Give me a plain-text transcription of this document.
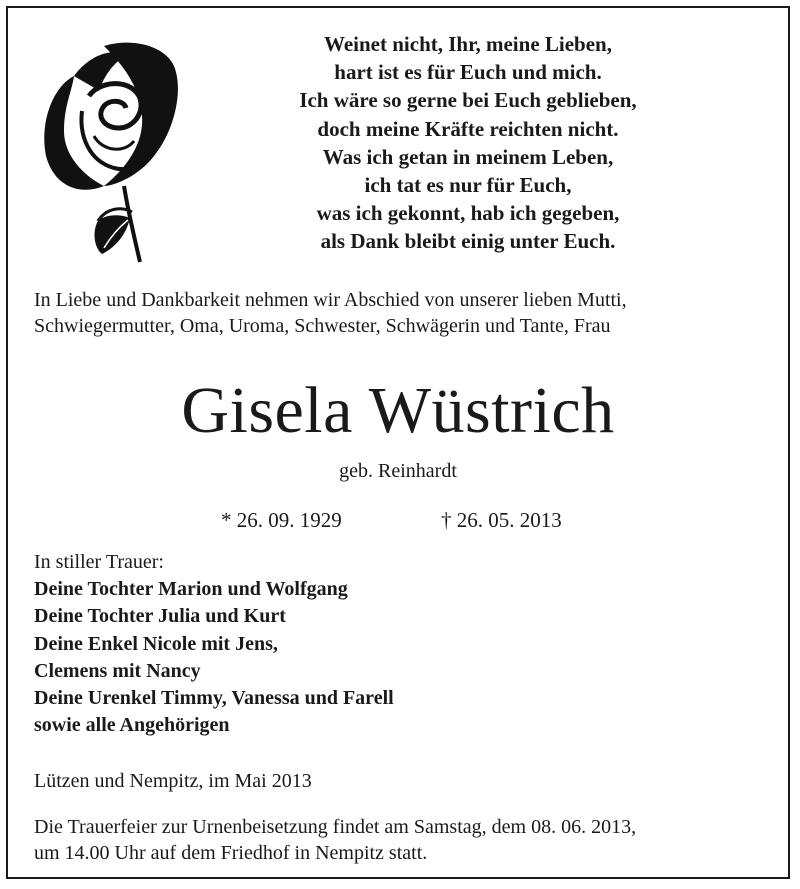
Weinet nicht, Ihr, meine Lieben,
hart ist es für Euch und mich.
Ich wäre so gerne bei Euch geblieben,
doch meine Kräfte reichten nicht.
Was ich getan in meinem Leben,
ich tat es nur für Euch,
was ich gekonnt, hab ich gegeben,
als Dank bleibt einig unter Euch.
In Liebe und Dankbarkeit nehmen wir Abschied von unserer lieben Mutti,
Schwiegermutter, Oma, Uroma, Schwester, Schwägerin und Tante, Frau
Gisela Wüstrich
geb. Reinhardt
* 26. 09. 1929	† 26. 05. 2013
In stiller Trauer:
Deine Tochter Marion und Wolfgang
Deine Tochter Julia und Kurt
Deine Enkel Nicole mit Jens,
Clemens mit Nancy
Deine Urenkel Timmy, Vanessa und Farell
sowie alle Angehörigen
Lützen und Nempitz, im Mai 2013
Die Trauerfeier zur Urnenbeisetzung findet am Samstag, dem 08. 06. 2013,
um 14.00 Uhr auf dem Friedhof in Nempitz statt.
